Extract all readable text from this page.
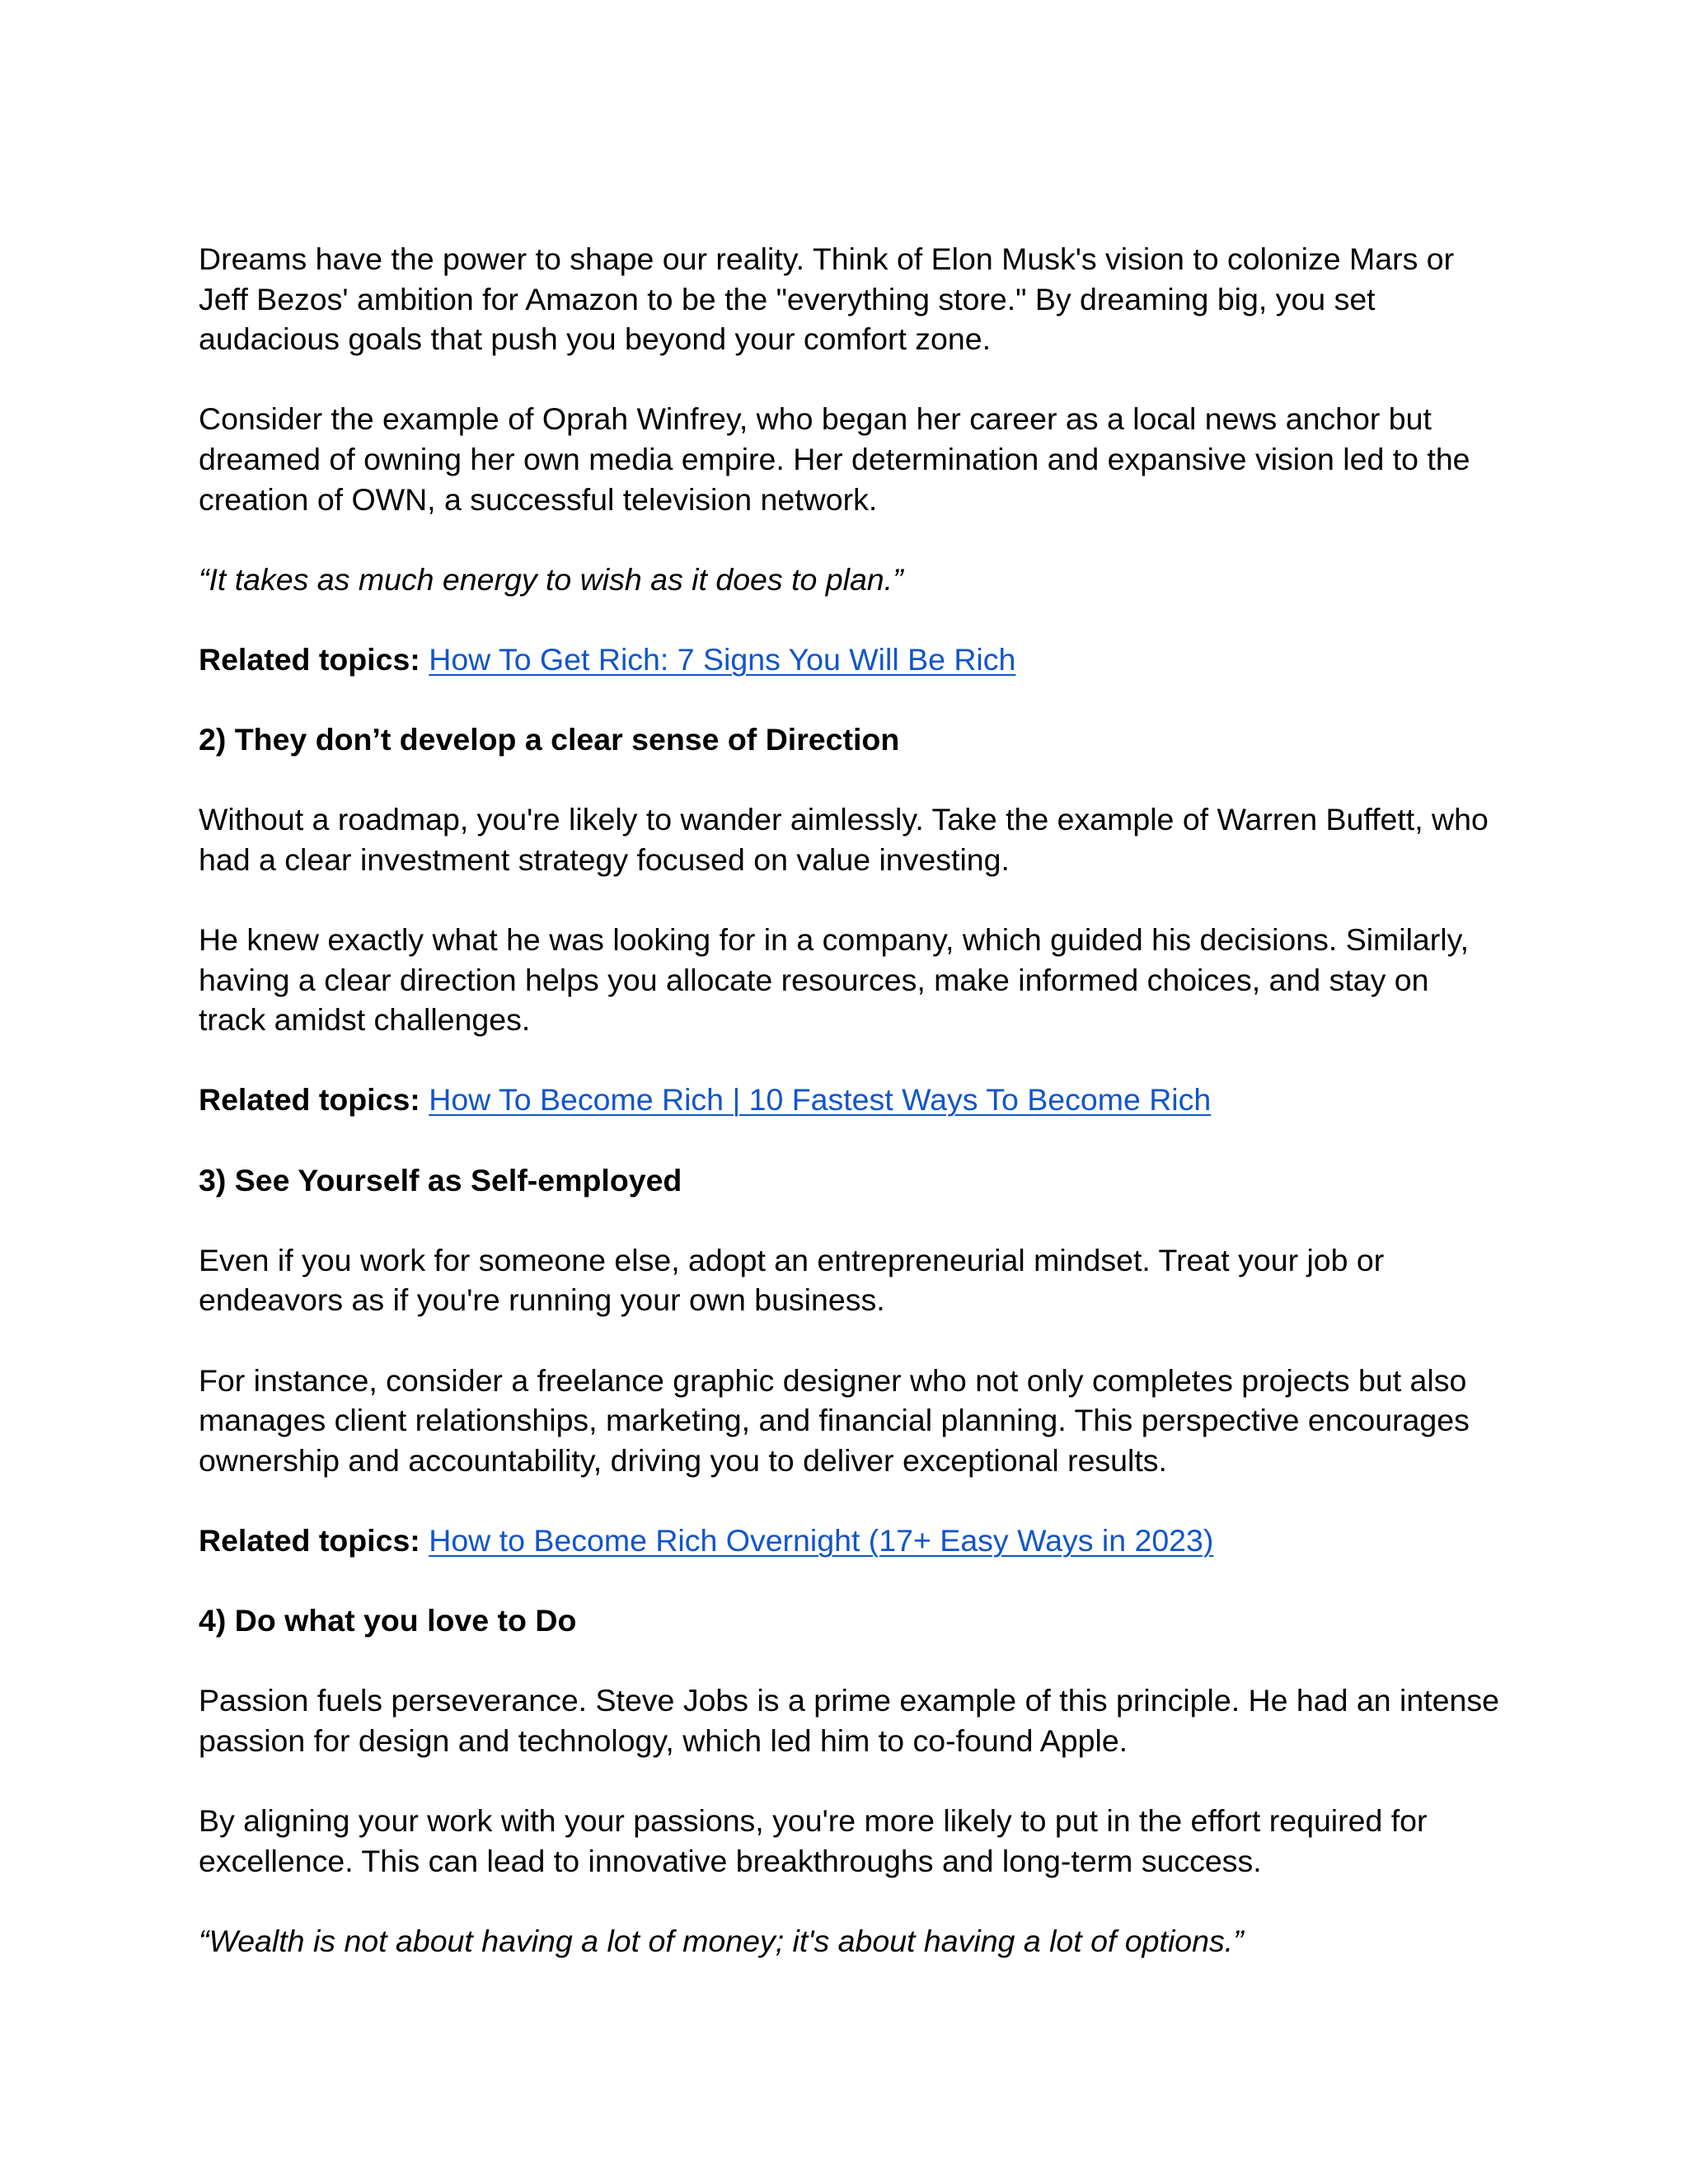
Dreams have the power to shape our reality. Think of Elon Musk's vision to colonize Mars or Jeff Bezos' ambition for Amazon to be the "everything store." By dreaming big, you set audacious goals that push you beyond your comfort zone.

Consider the example of Oprah Winfrey, who began her career as a local news anchor but dreamed of owning her own media empire. Her determination and expansive vision led to the creation of OWN, a successful television network.

“It takes as much energy to wish as it does to plan.”

Related topics: How To Get Rich: 7 Signs You Will Be Rich

2) They don’t develop a clear sense of Direction

Without a roadmap, you're likely to wander aimlessly. Take the example of Warren Buffett, who had a clear investment strategy focused on value investing.

He knew exactly what he was looking for in a company, which guided his decisions. Similarly, having a clear direction helps you allocate resources, make informed choices, and stay on track amidst challenges.

Related topics: How To Become Rich | 10 Fastest Ways To Become Rich

3) See Yourself as Self-employed

Even if you work for someone else, adopt an entrepreneurial mindset. Treat your job or endeavors as if you're running your own business.

For instance, consider a freelance graphic designer who not only completes projects but also manages client relationships, marketing, and financial planning. This perspective encourages ownership and accountability, driving you to deliver exceptional results.

Related topics: How to Become Rich Overnight (17+ Easy Ways in 2023)

4) Do what you love to Do

Passion fuels perseverance. Steve Jobs is a prime example of this principle. He had an intense passion for design and technology, which led him to co-found Apple.

By aligning your work with your passions, you're more likely to put in the effort required for excellence. This can lead to innovative breakthroughs and long-term success.

“Wealth is not about having a lot of money; it's about having a lot of options.”
